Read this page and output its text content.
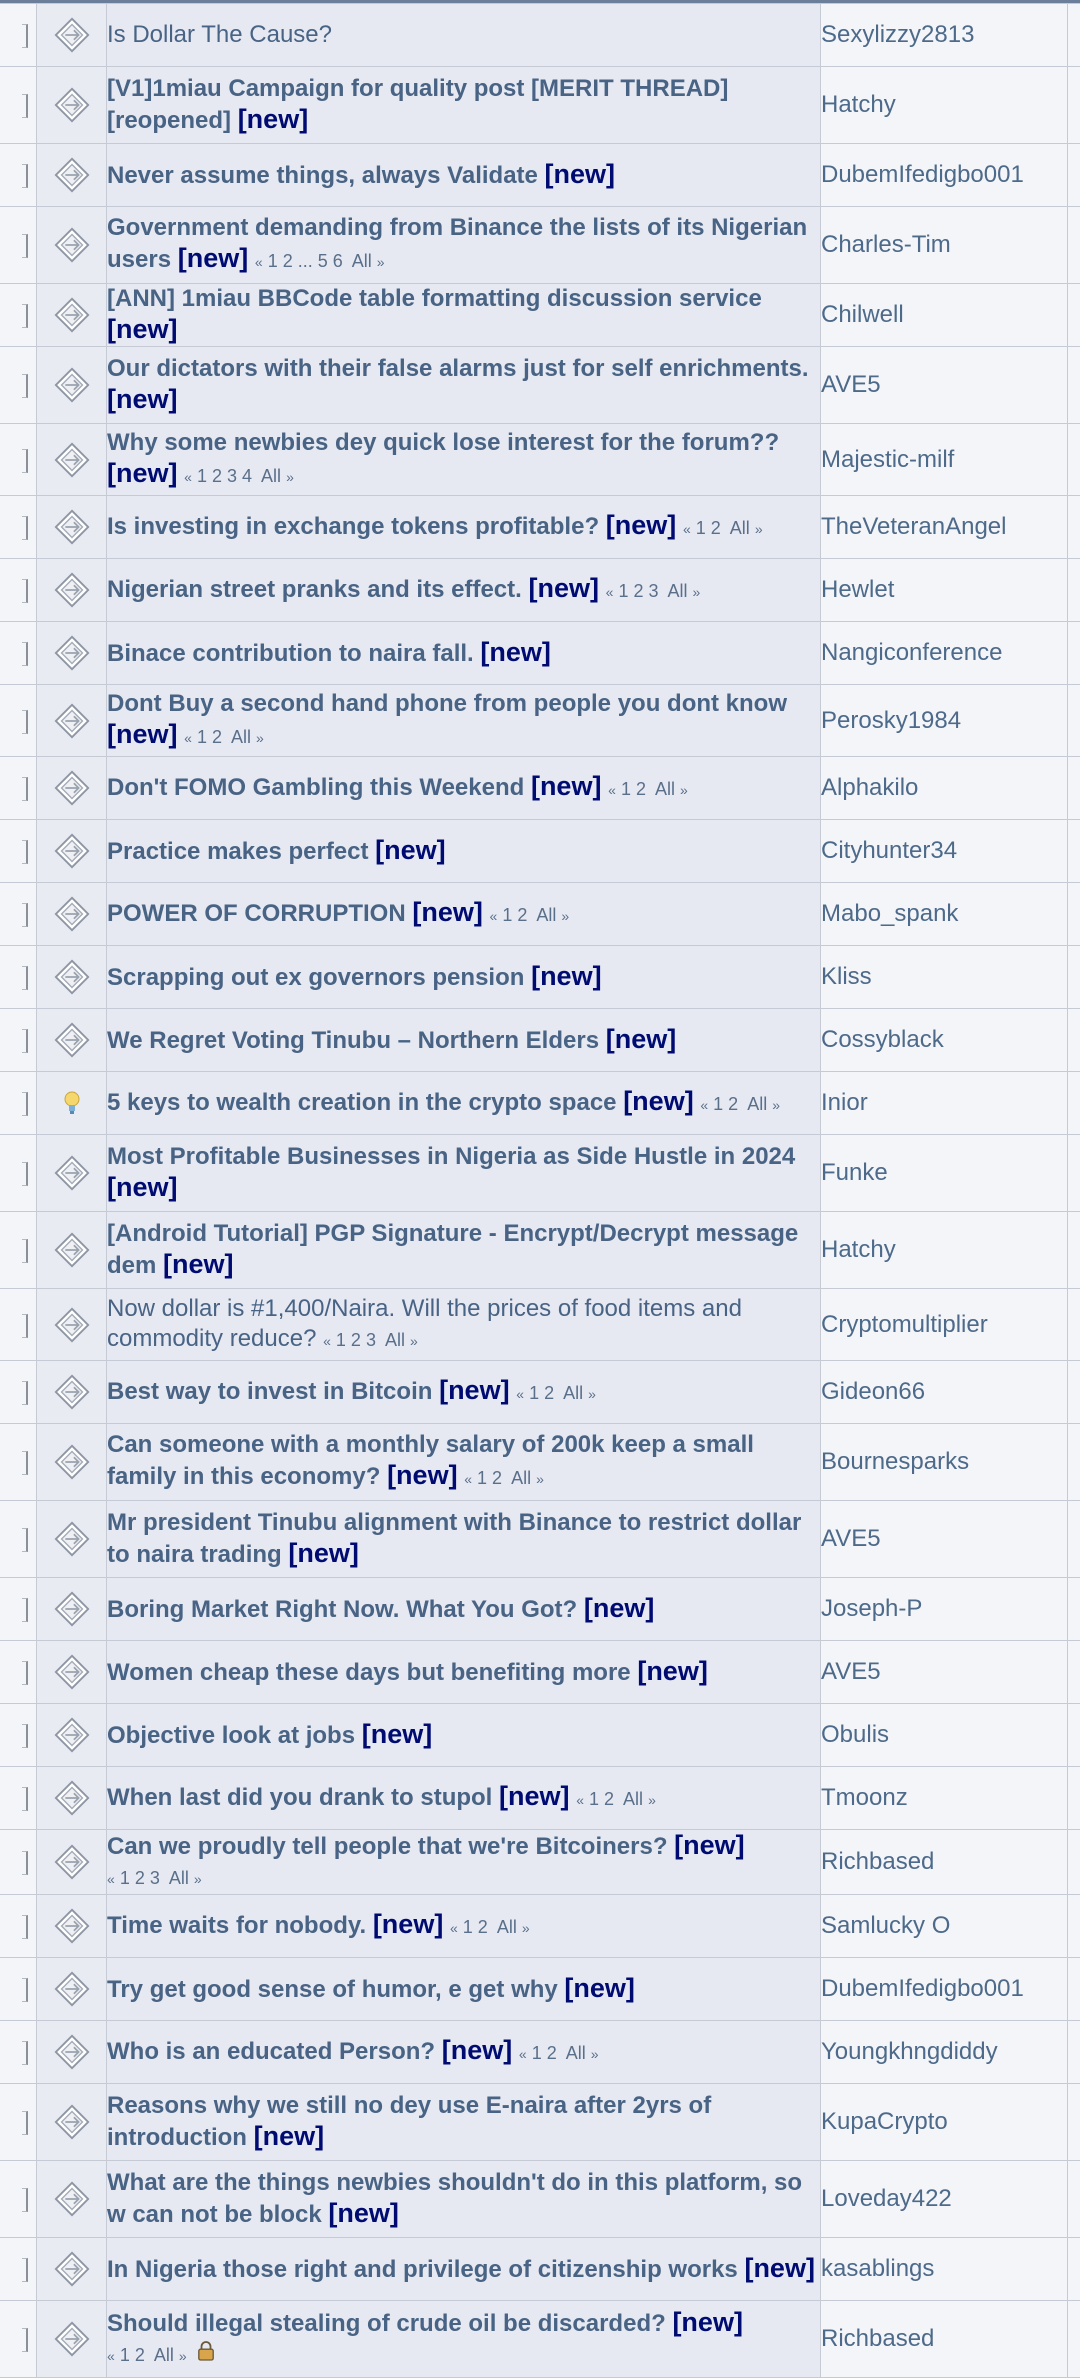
		Is Dollar The Cause?	Sexylizzy2813	

		[V1]1miau Campaign for quality post [MERIT THREAD][reopened] [new]	Hatchy	

		Never assume things, always Validate [new]	DubemIfedigbo001	

		Government demanding from Binance the lists of its Nigerian users [new] « 1 2 ... 5 6  All »	Charles-Tim	

		[ANN] 1miau BBCode table formatting discussion service [new]	Chilwell	

		Our dictators with their false alarms just for self enrichments. [new]	AVE5	

		Why some newbies dey quick lose interest for the forum?? [new] « 1 2 3 4  All »	Majestic-milf	

		Is investing in exchange tokens profitable? [new] « 1 2  All »	TheVeteranAngel	

		Nigerian street pranks and its effect. [new] « 1 2 3  All »	Hewlet	

		Binace contribution to naira fall. [new]	Nangiconference	

		Dont Buy a second hand phone from people you dont know [new] « 1 2  All »	Perosky1984	

		Don't FOMO Gambling this Weekend [new] « 1 2  All »	Alphakilo	

		Practice makes perfect [new]	Cityhunter34	

		POWER OF CORRUPTION [new] « 1 2  All »	Mabo_spank	

		Scrapping out ex governors pension [new]	Kliss	

		We Regret Voting Tinubu – Northern Elders [new]	Cossyblack	

		5 keys to wealth creation in the crypto space [new] « 1 2  All »	Inior	

		Most Profitable Businesses in Nigeria as Side Hustle in 2024 [new]	Funke	

		[Android Tutorial] PGP Signature - Encrypt/Decrypt message dem [new]	Hatchy	

		Now dollar is #1,400/Naira. Will the prices of food items and commodity reduce? « 1 2 3  All »	Cryptomultiplier	

		Best way to invest in Bitcoin [new] « 1 2  All »	Gideon66	

		Can someone with a monthly salary of 200k keep a small family in this economy? [new] « 1 2  All »	Bournesparks	

		Mr president Tinubu alignment with Binance to restrict dollar to naira trading [new]	AVE5	

		Boring Market Right Now. What You Got? [new]	Joseph-P	

		Women cheap these days but benefiting more [new]	AVE5	

		Objective look at jobs [new]	Obulis	

		When last did you drank to stupol [new] « 1 2  All »	Tmoonz	

		Can we proudly tell people that we're Bitcoiners? [new] « 1 2 3  All »	Richbased	

		Time waits for nobody. [new] « 1 2  All »	Samlucky O	

		Try get good sense of humor, e get why [new]	DubemIfedigbo001	

		Who is an educated Person? [new] « 1 2  All »	Youngkhngdiddy	

		Reasons why we still no dey use E-naira after 2yrs of introduction [new]	KupaCrypto	

		What are the things newbies shouldn't do in this platform, so w can not be block [new]	Loveday422	

		In Nigeria those right and privilege of citizenship works [new]	kasablings	

		Should illegal stealing of crude oil be discarded? [new] « 1 2  All »	Richbased	
